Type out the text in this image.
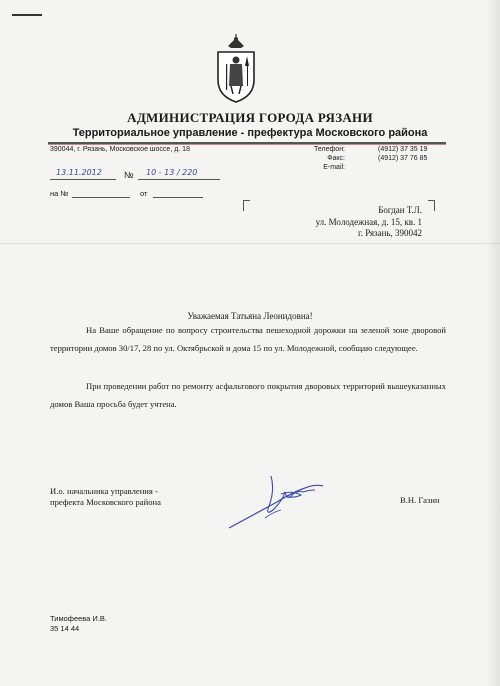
АДМИНИСТРАЦИЯ ГОРОДА РЯЗАНИ
Территориальное управление - префектура Московского района
390044, г. Рязань, Московское шоссе, д. 18	Телефон:	(4912) 37 35 19
Факс:	(4912) 37 76 85
E-mail:
13.11.2012 № 10 - 13 / 220
на №	от
Богдан Т.Л.
ул. Молодежная, д. 15, кв. 1
г. Рязань, 390042
Уважаемая Татьяна Леонидовна!

На Ваше обращение по вопросу строительства пешеходной дорожки на зеленой зоне дворовой территории домов 30/17, 28 по ул. Октябрьской и дома 15 по ул. Молодежной, сообщаю следующее.

При проведении работ по ремонту асфальтового покрытия дворовых территорий вышеуказанных домов Ваша просьба будет учтена.

И.о. начальника управления -
префекта Московского района	В.Н. Газин
Тимофеева И.В.
35 14 44
